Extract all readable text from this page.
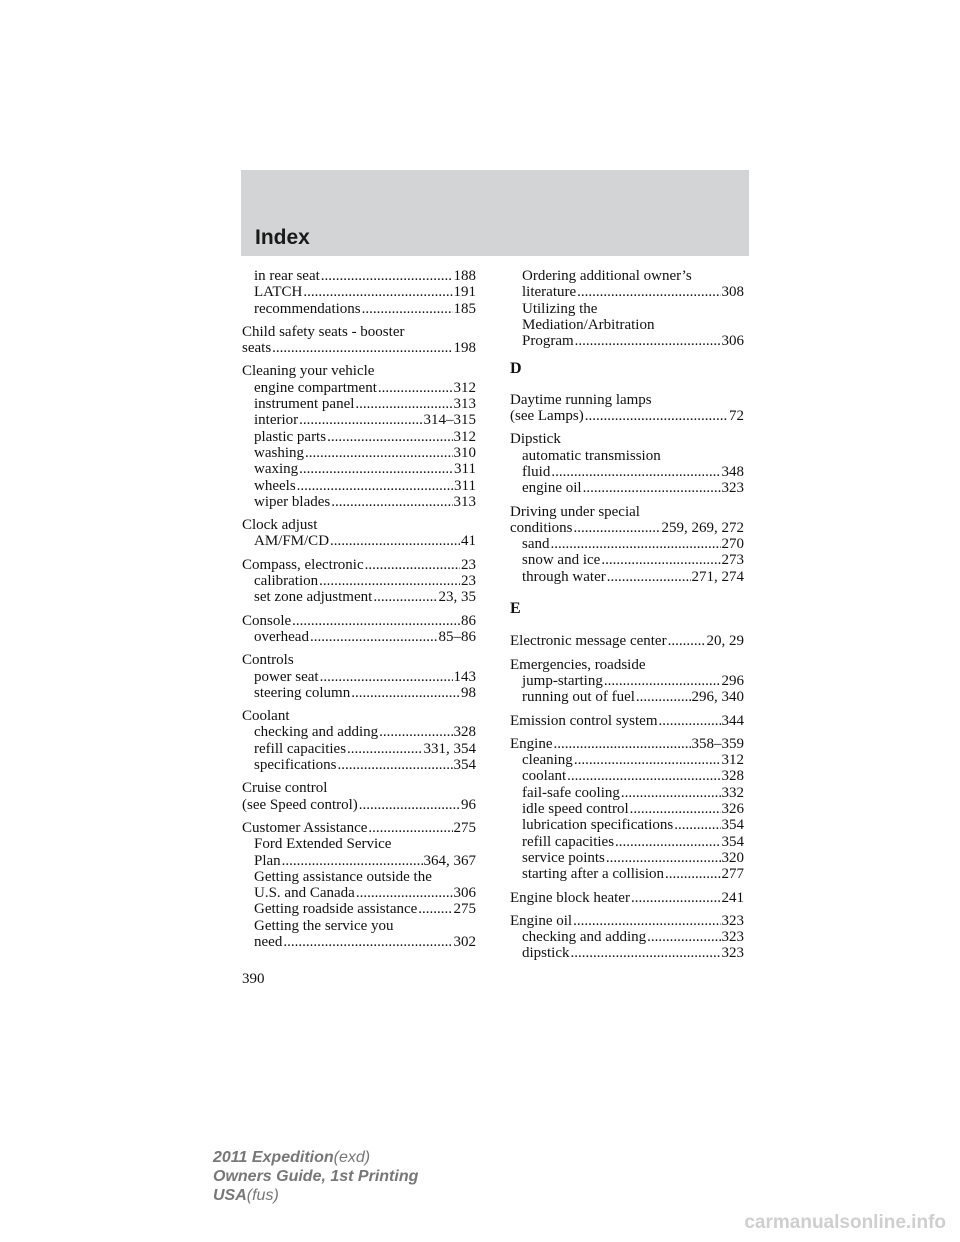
Index
in rear seat .....	188
LATCH .....	191
recommendations .....	185
Child safety seats - booster
seats .....	198
Cleaning your vehicle
engine compartment .....	312
instrument panel .....	313
interior .....	314–315
plastic parts .....	312
washing .....	310
waxing .....	311
wheels .....	311
wiper blades .....	313
Clock adjust
AM/FM/CD .....	41
Compass, electronic .....	23
calibration .....	23
set zone adjustment .....	23, 35
Console .....	86
overhead .....	85–86
Controls
power seat .....	143
steering column .....	98
Coolant
checking and adding .....	328
refill capacities .....	331, 354
specifications .....	354
Cruise control
(see Speed control) .....	96
Customer Assistance .....	275
Ford Extended Service
Plan .....	364, 367
Getting assistance outside the
U.S. and Canada .....	306
Getting roadside assistance ..... 275
Getting the service you
need .....	302
Ordering additional owner’s
literature .....	308
Utilizing the
Mediation/Arbitration
Program .....	306
D
Daytime running lamps
(see Lamps) .....	72
Dipstick
automatic transmission
fluid .....	348
engine oil .....	323
Driving under special
conditions .....	259, 269, 272
sand .....	270
snow and ice .....	273
through water .....	271, 274
E
Electronic message center .....	20, 29
Emergencies, roadside
jump-starting .....	296
running out of fuel .....	296, 340
Emission control system .....	344
Engine .....	358–359
cleaning .....	312
coolant .....	328
fail-safe cooling .....	332
idle speed control .....	326
lubrication specifications .....	354
refill capacities .....	354
service points .....	320
starting after a collision .....	277
Engine block heater .....	241
Engine oil .....	323
checking and adding .....	323
dipstick .....	323
390
2011 Expedition(exd)
Owners Guide, 1st Printing
USA(fus)
carmanualsonline.info
